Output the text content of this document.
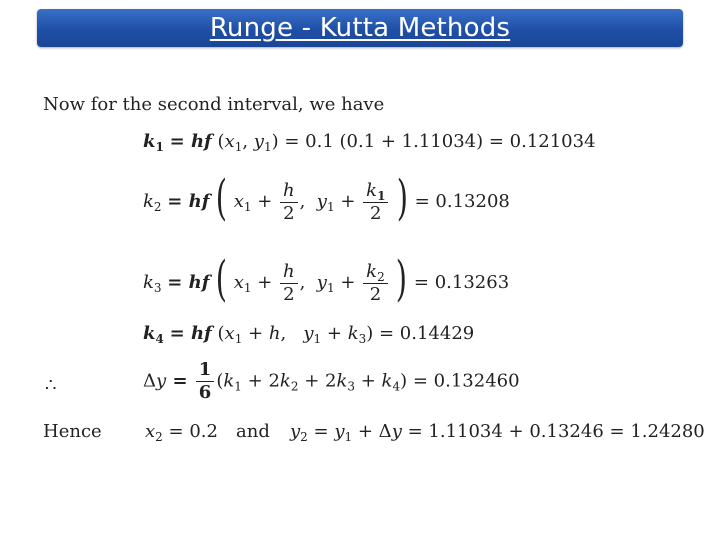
Runge - Kutta Methods
Now for the second interval, we have
$k_1$ = hf ($x_1$, $y_1) = 0.1$ (0.1 + 1.11034) = 0.121034
$k_2$ = hf ( $x_1 + \frac{h}{2}$ ,  $y_1 + \frac{k_1}{2}$ ) = 0.13208
$k_3$ = hf ( $x_1 + \frac{h}{2}$ ,  $y_1 + \frac{k_2}{2}$ ) = 0.13263
$k_4$ = hf ($x_1 + h$,   $y_1 + k_3) = 0.14429$
∴	$\Delta y = \frac{1}{6} (k_1 + 2k_2 + 2k_3 + k_4) = 0.132460$
Hence $x_2 = 0.2$ and $y_2 = y_1 + \Delta y = 1.11034 + 0.13246 = 1.24280$
